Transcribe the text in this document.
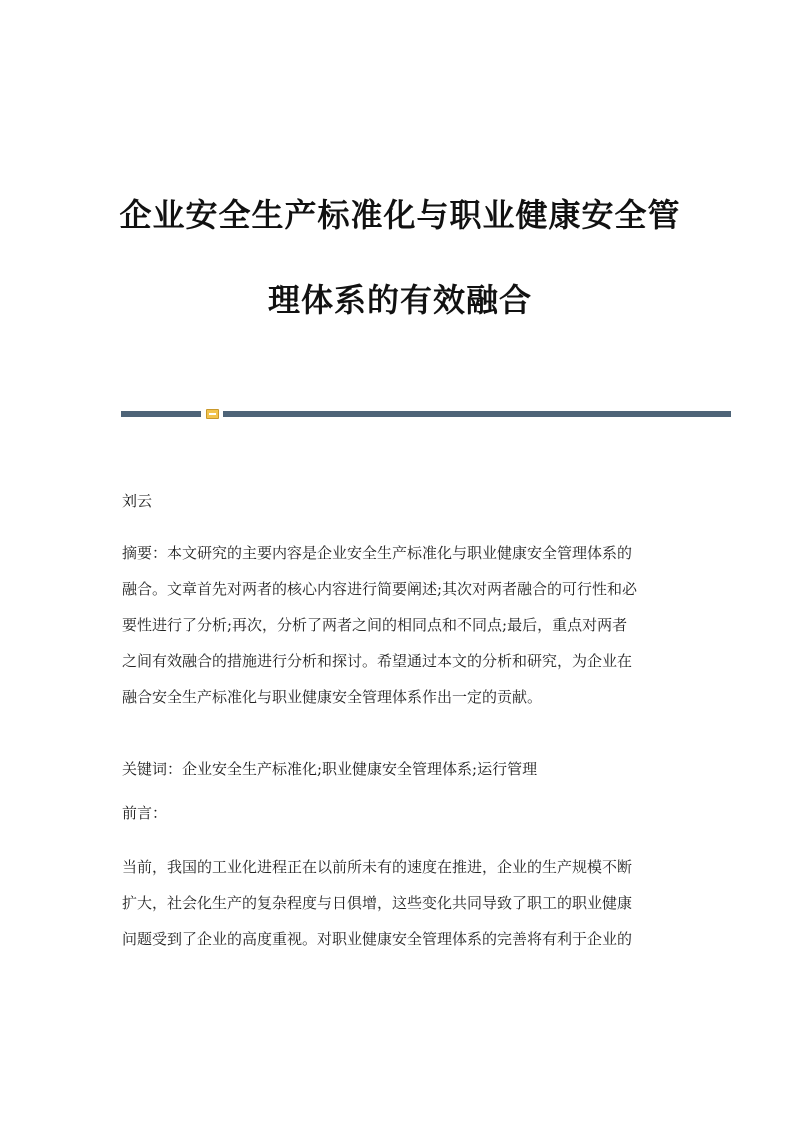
企业安全生产标准化与职业健康安全管
理体系的有效融合
刘云

摘要：本文研究的主要内容是企业安全生产标准化与职业健康安全管理体系的

融合。文章首先对两者的核心内容进行简要阐述;其次对两者融合的可行性和必

要性进行了分析;再次，分析了两者之间的相同点和不同点;最后，重点对两者

之间有效融合的措施进行分析和探讨。希望通过本文的分析和研究，为企业在

融合安全生产标准化与职业健康安全管理体系作出一定的贡献。

关键词：企业安全生产标准化;职业健康安全管理体系;运行管理
前言：

当前，我国的工业化进程正在以前所未有的速度在推进，企业的生产规模不断

扩大，社会化生产的复杂程度与日俱增，这些变化共同导致了职工的职业健康

问题受到了企业的高度重视。对职业健康安全管理体系的完善将有利于企业的
